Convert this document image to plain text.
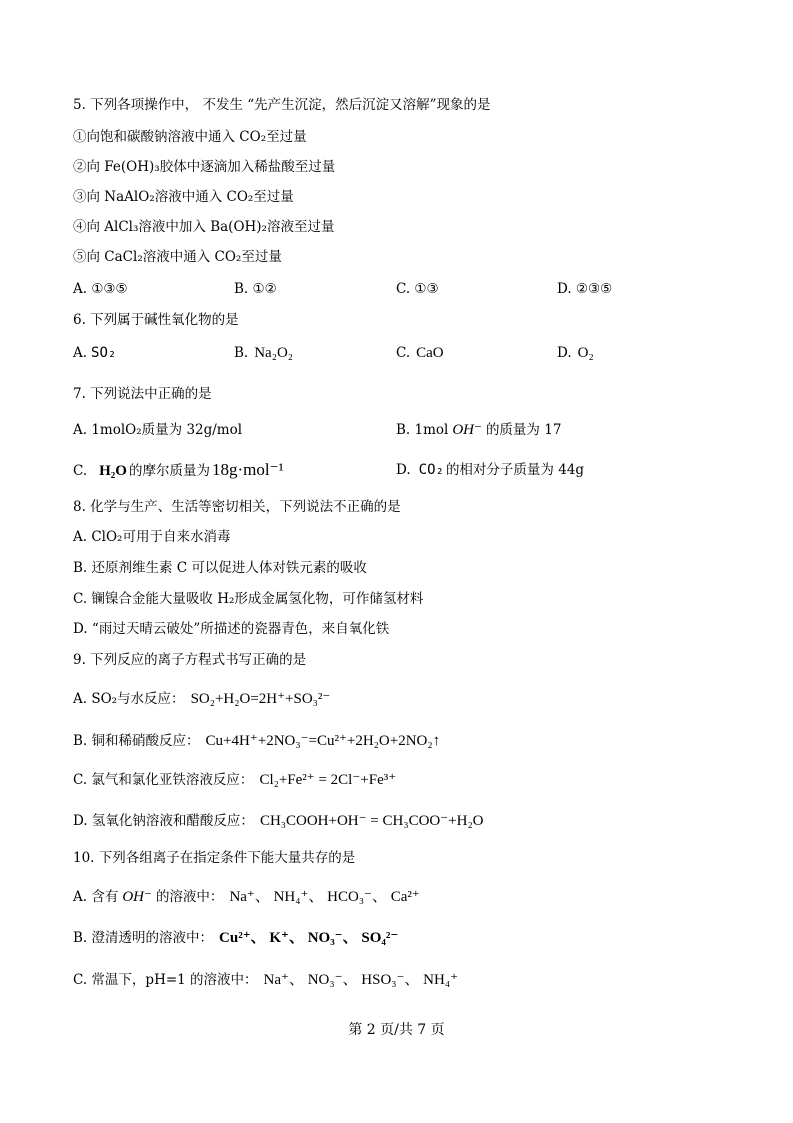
5. 下列各项操作中， 不发生 “先产生沉淀，然后沉淀又溶解”现象的是
①向饱和碳酸钠溶液中通入 CO₂至过量
②向 Fe(OH)₃胶体中逐滴加入稀盐酸至过量
③向 NaAlO₂溶液中通入 CO₂至过量
④向 AlCl₃溶液中加入 Ba(OH)₂溶液至过量
⑤向 CaCl₂溶液中通入 CO₂至过量
A. ①③⑤	B. ①②	C. ①③	D. ②③⑤
6. 下列属于碱性氧化物的是
A. SO₂	B. Na₂O₂	C. CaO	D. O₂
7. 下列说法中正确的是
A. 1molO₂质量为 32g/mol	B. 1mol OH⁻ 的质量为 17
C. H₂O 的摩尔质量为 18g·mol⁻¹	D. CO₂ 的相对分子质量为 44g
8. 化学与生产、生活等密切相关，下列说法不正确的是
A. ClO₂可用于自来水消毒
B. 还原剂维生素 C 可以促进人体对铁元素的吸收
C. 镧镍合金能大量吸收 H₂形成金属氢化物，可作储氢材料
D. “雨过天晴云破处”所描述的瓷器青色，来自氧化铁
9. 下列反应的离子方程式书写正确的是
A. SO₂与水反应： SO₂+H₂O=2H⁺+SO₃²⁻
B. 铜和稀硝酸反应： Cu+4H⁺+2NO₃⁻=Cu²⁺+2H₂O+2NO₂↑
C. 氯气和氯化亚铁溶液反应： Cl₂+Fe²⁺ = 2Cl⁻+Fe³⁺
D. 氢氧化钠溶液和醋酸反应： CH₃COOH+OH⁻ = CH₃COO⁻+H₂O
10. 下列各组离子在指定条件下能大量共存的是
A. 含有 OH⁻ 的溶液中： Na⁺、 NH₄⁺、 HCO₃⁻、 Ca²⁺
B. 澄清透明的溶液中： Cu²⁺、 K⁺、 NO₃⁻、 SO₄²⁻
C. 常温下，pH=1 的溶液中： Na⁺、 NO₃⁻、 HSO₃⁻、 NH₄⁺
第 2 页/共 7 页
